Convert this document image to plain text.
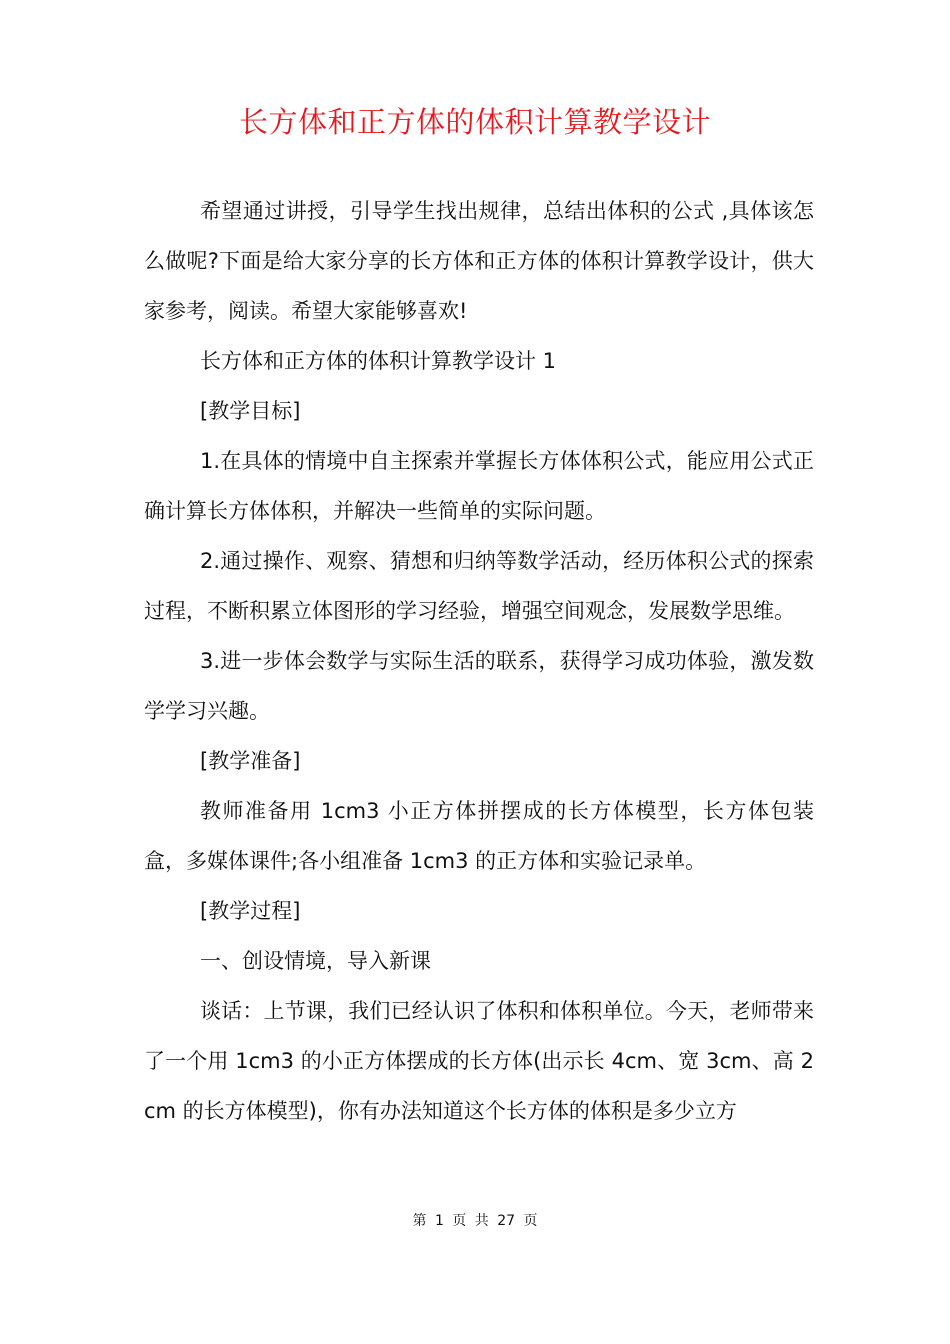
长方体和正方体的体积计算教学设计

希望通过讲授，引导学生找出规律，总结出体积的公式 ,具体该怎么做呢?下面是给大家分享的长方体和正方体的体积计算教学设计，供大家参考，阅读。希望大家能够喜欢!

长方体和正方体的体积计算教学设计 1

[教学目标]

1.在具体的情境中自主探索并掌握长方体体积公式，能应用公式正确计算长方体体积，并解决一些简单的实际问题。

2.通过操作、观察、猜想和归纳等数学活动，经历体积公式的探索过程，不断积累立体图形的学习经验，增强空间观念，发展数学思维。

3.进一步体会数学与实际生活的联系，获得学习成功体验，激发数学学习兴趣。

[教学准备]

教师准备用 1cm3 小正方体拼摆成的长方体模型，长方体包装盒，多媒体课件;各小组准备 1cm3 的正方体和实验记录单。

[教学过程]

一、创设情境，导入新课

谈话：上节课，我们已经认识了体积和体积单位。今天，老师带来了一个用 1cm3 的小正方体摆成的长方体(出示长 4cm、宽 3cm、高 2cm 的长方体模型)，你有办法知道这个长方体的体积是多少立方

第 1 页 共 27 页
